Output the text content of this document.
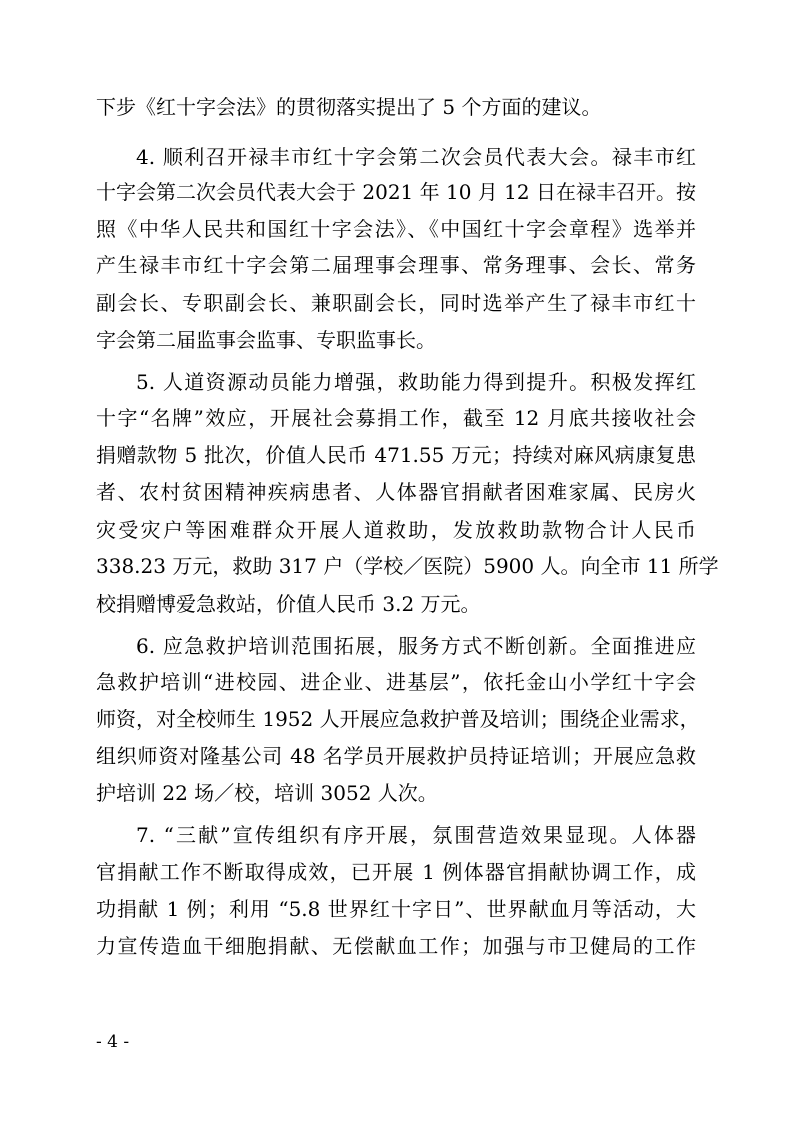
下步《红十字会法》的贯彻落实提出了 5 个方面的建议。
4. 顺利召开禄丰市红十字会第二次会员代表大会。禄丰市红
十字会第二次会员代表大会于 2021 年 10 月 12 日在禄丰召开。按
照《中华人民共和国红十字会法》、《中国红十字会章程》选举并
产生禄丰市红十字会第二届理事会理事、常务理事、会长、常务
副会长、专职副会长、兼职副会长，同时选举产生了禄丰市红十
字会第二届监事会监事、专职监事长。
5. 人道资源动员能力增强，救助能力得到提升。积极发挥红
十字“名牌”效应，开展社会募捐工作，截至 12 月底共接收社会
捐赠款物 5 批次，价值人民币 471.55 万元；持续对麻风病康复患
者、农村贫困精神疾病患者、人体器官捐献者困难家属、民房火
灾受灾户等困难群众开展人道救助，发放救助款物合计人民币
338.23 万元，救助 317 户（学校／医院）5900 人。向全市 11 所学
校捐赠博爱急救站，价值人民币 3.2 万元。
6. 应急救护培训范围拓展，服务方式不断创新。全面推进应
急救护培训“进校园、进企业、进基层”，依托金山小学红十字会
师资，对全校师生 1952 人开展应急救护普及培训；围绕企业需求，
组织师资对隆基公司 48 名学员开展救护员持证培训；开展应急救
护培训 22 场／校，培训 3052 人次。
7. “三献”宣传组织有序开展，氛围营造效果显现。人体器
官捐献工作不断取得成效，已开展 1 例体器官捐献协调工作，成
功捐献 1 例；利用 “5.8 世界红十字日”、世界献血月等活动，大
力宣传造血干细胞捐献、无偿献血工作；加强与市卫健局的工作
- 4 -
